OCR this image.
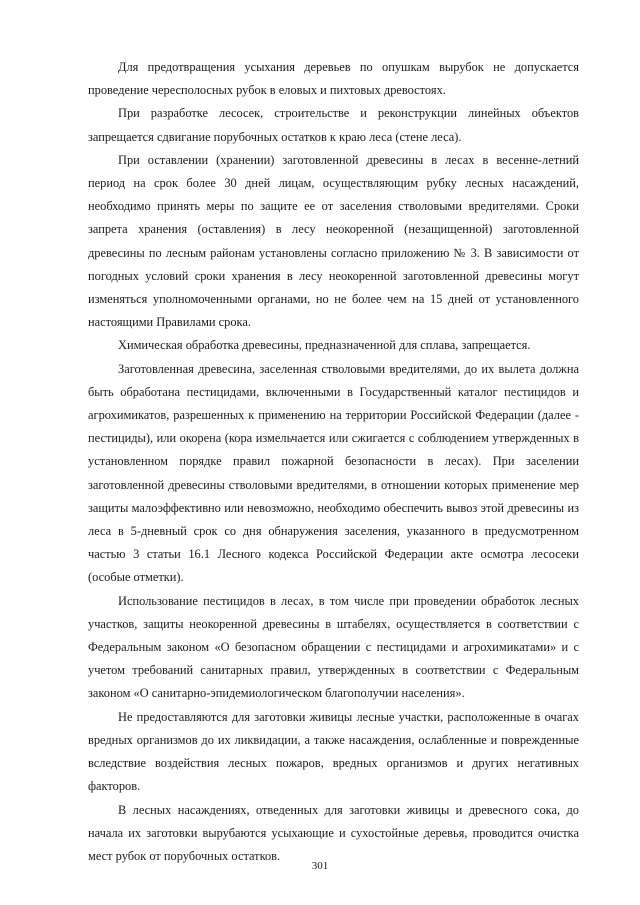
Для предотвращения усыхания деревьев по опушкам вырубок не допускается проведение чересполосных рубок в еловых и пихтовых древостоях.

При разработке лесосек, строительстве и реконструкции линейных объектов запрещается сдвигание порубочных остатков к краю леса (стене леса).

При оставлении (хранении) заготовленной древесины в лесах в весенне-летний период на срок более 30 дней лицам, осуществляющим рубку лесных насаждений, необходимо принять меры по защите ее от заселения стволовыми вредителями. Сроки запрета хранения (оставления) в лесу неокоренной (незащищенной) заготовленной древесины по лесным районам установлены согласно приложению № 3. В зависимости от погодных условий сроки хранения в лесу неокоренной заготовленной древесины могут изменяться уполномоченными органами, но не более чем на 15 дней от установленного настоящими Правилами срока.

Химическая обработка древесины, предназначенной для сплава, запрещается.

Заготовленная древесина, заселенная стволовыми вредителями, до их вылета должна быть обработана пестицидами, включенными в Государственный каталог пестицидов и агрохимикатов, разрешенных к применению на территории Российской Федерации (далее - пестициды), или окорена (кора измельчается или сжигается с соблюдением утвержденных в установленном порядке правил пожарной безопасности в лесах). При заселении заготовленной древесины стволовыми вредителями, в отношении которых применение мер защиты малоэффективно или невозможно, необходимо обеспечить вывоз этой древесины из леса в 5-дневный срок со дня обнаружения заселения, указанного в предусмотренном частью 3 статьи 16.1 Лесного кодекса Российской Федерации акте осмотра лесосеки (особые отметки).

Использование пестицидов в лесах, в том числе при проведении обработок лесных участков, защиты неокоренной древесины в штабелях, осуществляется в соответствии с Федеральным законом «О безопасном обращении с пестицидами и агрохимикатами» и с учетом требований санитарных правил, утвержденных в соответствии с Федеральным законом «О санитарно-эпидемиологическом благополучии населения».

Не предоставляются для заготовки живицы лесные участки, расположенные в очагах вредных организмов до их ликвидации, а также насаждения, ослабленные и поврежденные вследствие воздействия лесных пожаров, вредных организмов и других негативных факторов.

В лесных насаждениях, отведенных для заготовки живицы и древесного сока, до начала их заготовки вырубаются усыхающие и сухостойные деревья, проводится очистка мест рубок от порубочных остатков.

301
